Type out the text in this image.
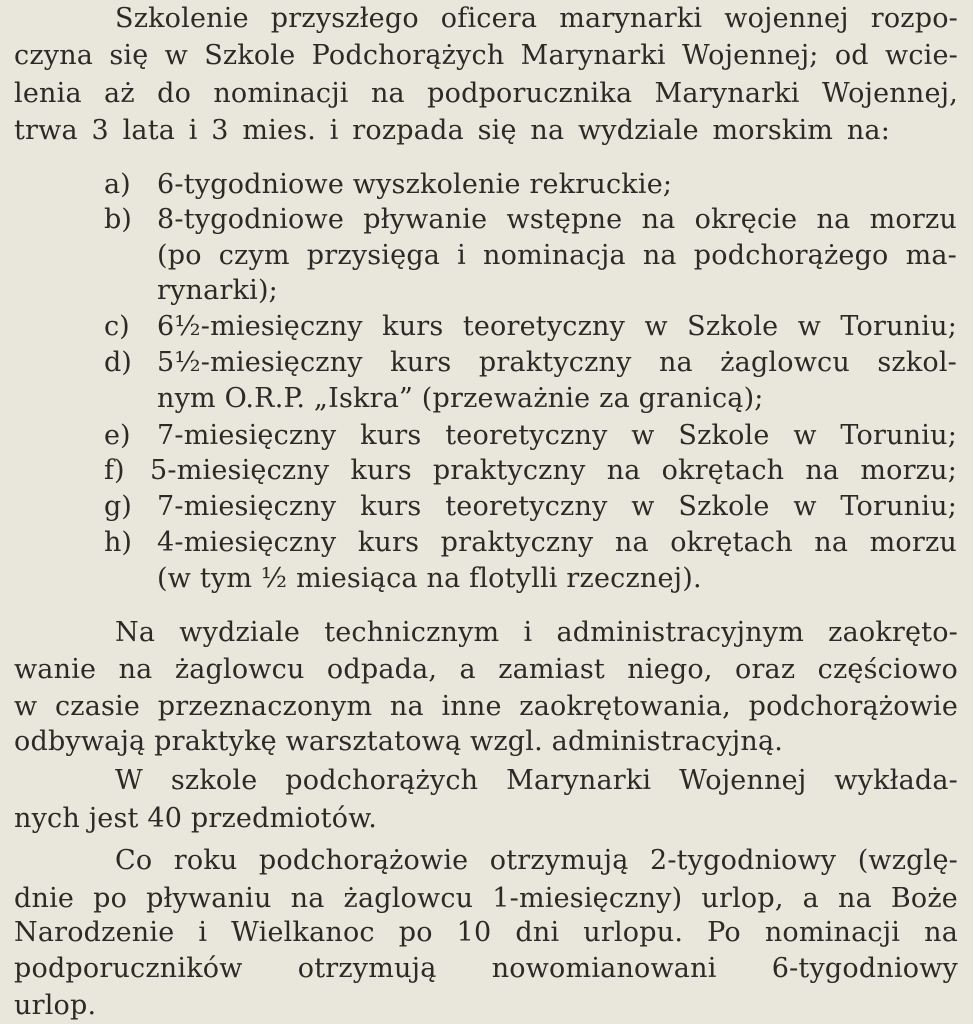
Szkolenie przyszłego oficera marynarki wojennej rozpo-
czyna się w Szkole Podchorążych Marynarki Wojennej; od wcie-
lenia aż do nominacji na podporucznika Marynarki Wojennej,
trwa 3 lata i 3 mies. i rozpada się na wydziale morskim na:
a) 6-tygodniowe wyszkolenie rekruckie;
b) 8-tygodniowe pływanie wstępne na okręcie na morzu
(po czym przysięga i nominacja na podchorążego ma-
rynarki);
c) 6½-miesięczny kurs teoretyczny w Szkole w Toruniu;
d) 5½-miesięczny kurs praktyczny na żaglowcu szkol-
nym O.R.P. „Iskra” (przeważnie za granicą);
e) 7-miesięczny kurs teoretyczny w Szkole w Toruniu;
f) 5-miesięczny kurs praktyczny na okrętach na morzu;
g) 7-miesięczny kurs teoretyczny w Szkole w Toruniu;
h) 4-miesięczny kurs praktyczny na okrętach na morzu
(w tym ½ miesiąca na flotylli rzecznej).
Na wydziale technicznym i administracyjnym zaokręto-
wanie na żaglowcu odpada, a zamiast niego, oraz częściowo
w czasie przeznaczonym na inne zaokrętowania, podchorążowie
odbywają praktykę warsztatową wzgl. administracyjną.
W szkole podchorążych Marynarki Wojennej wykłada-
nych jest 40 przedmiotów.
Co roku podchorążowie otrzymują 2-tygodniowy (wzglę-
dnie po pływaniu na żaglowcu 1-miesięczny) urlop, a na Boże
Narodzenie i Wielkanoc po 10 dni urlopu. Po nominacji na
podporuczników otrzymują nowomianowani 6-tygodniowy
urlop.
